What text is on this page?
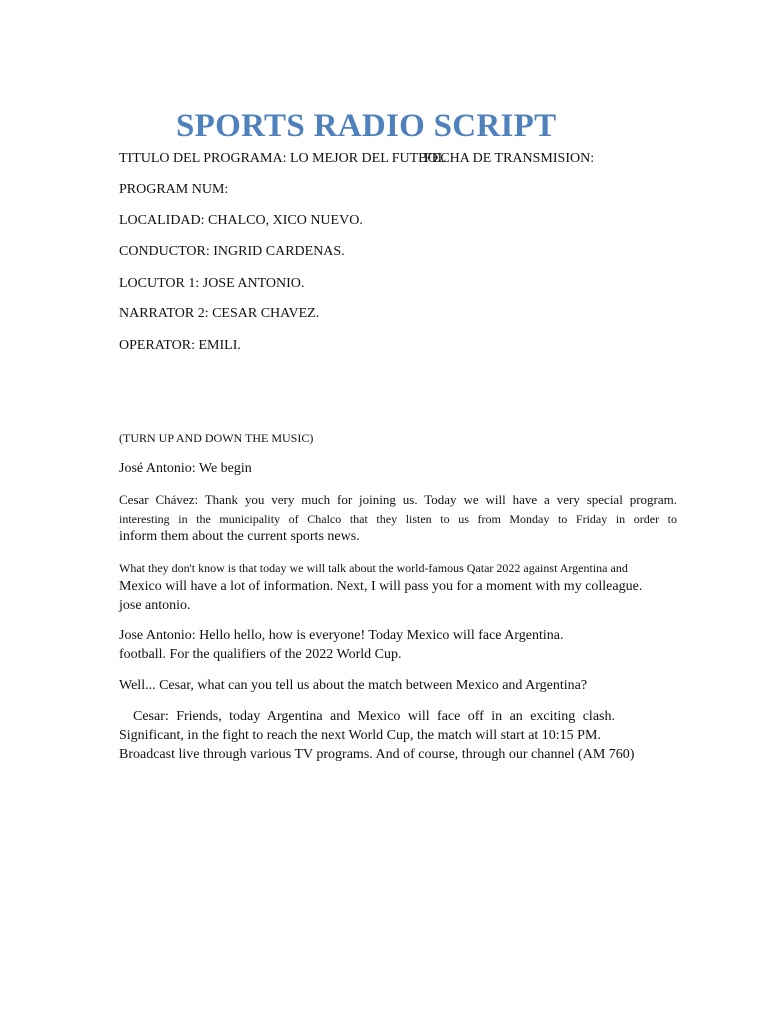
SPORTS RADIO SCRIPT

TITULO DEL PROGRAMA: LO MEJOR DEL FUTBOL

FECHA DE TRANSMISION:

PROGRAM NUM:

LOCALIDAD: CHALCO, XICO NUEVO.

CONDUCTOR: INGRID CARDENAS.

LOCUTOR 1: JOSE ANTONIO.

NARRATOR 2: CESAR CHAVEZ.

OPERATOR: EMILI.

(TURN UP AND DOWN THE MUSIC)

José Antonio: We begin

Cesar Chávez: Thank you very much for joining us. Today we will have a very special program.

interesting in the municipality of Chalco that they listen to us from Monday to Friday in order to

inform them about the current sports news.

What they don't know is that today we will talk about the world-famous Qatar 2022 against Argentina and

Mexico will have a lot of information. Next, I will pass you for a moment with my colleague.

jose antonio.

Jose Antonio: Hello hello, how is everyone! Today Mexico will face Argentina.

football. For the qualifiers of the 2022 World Cup.

Well... Cesar, what can you tell us about the match between Mexico and Argentina?

Cesar: Friends, today Argentina and Mexico will face off in an exciting clash.

Significant, in the fight to reach the next World Cup, the match will start at 10:15 PM.

Broadcast live through various TV programs. And of course, through our channel (AM 760)
